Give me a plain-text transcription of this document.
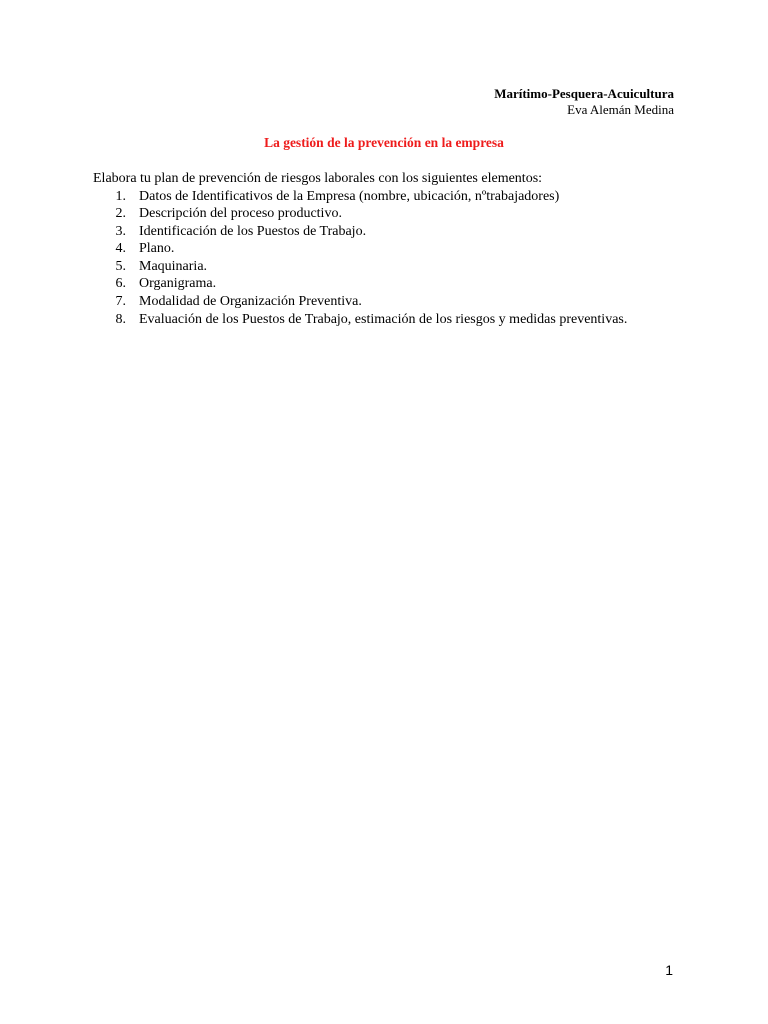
Marítimo-Pesquera-Acuicultura
Eva Alemán Medina
La gestión de la prevención en la empresa
Elabora tu plan de prevención de riesgos laborales con los siguientes elementos:
1. Datos de Identificativos de la Empresa (nombre, ubicación, nºtrabajadores)
2. Descripción del proceso productivo.
3. Identificación de los Puestos de Trabajo.
4. Plano.
5. Maquinaria.
6. Organigrama.
7. Modalidad de Organización Preventiva.
8. Evaluación de los Puestos de Trabajo, estimación de los riesgos y medidas preventivas.
1
